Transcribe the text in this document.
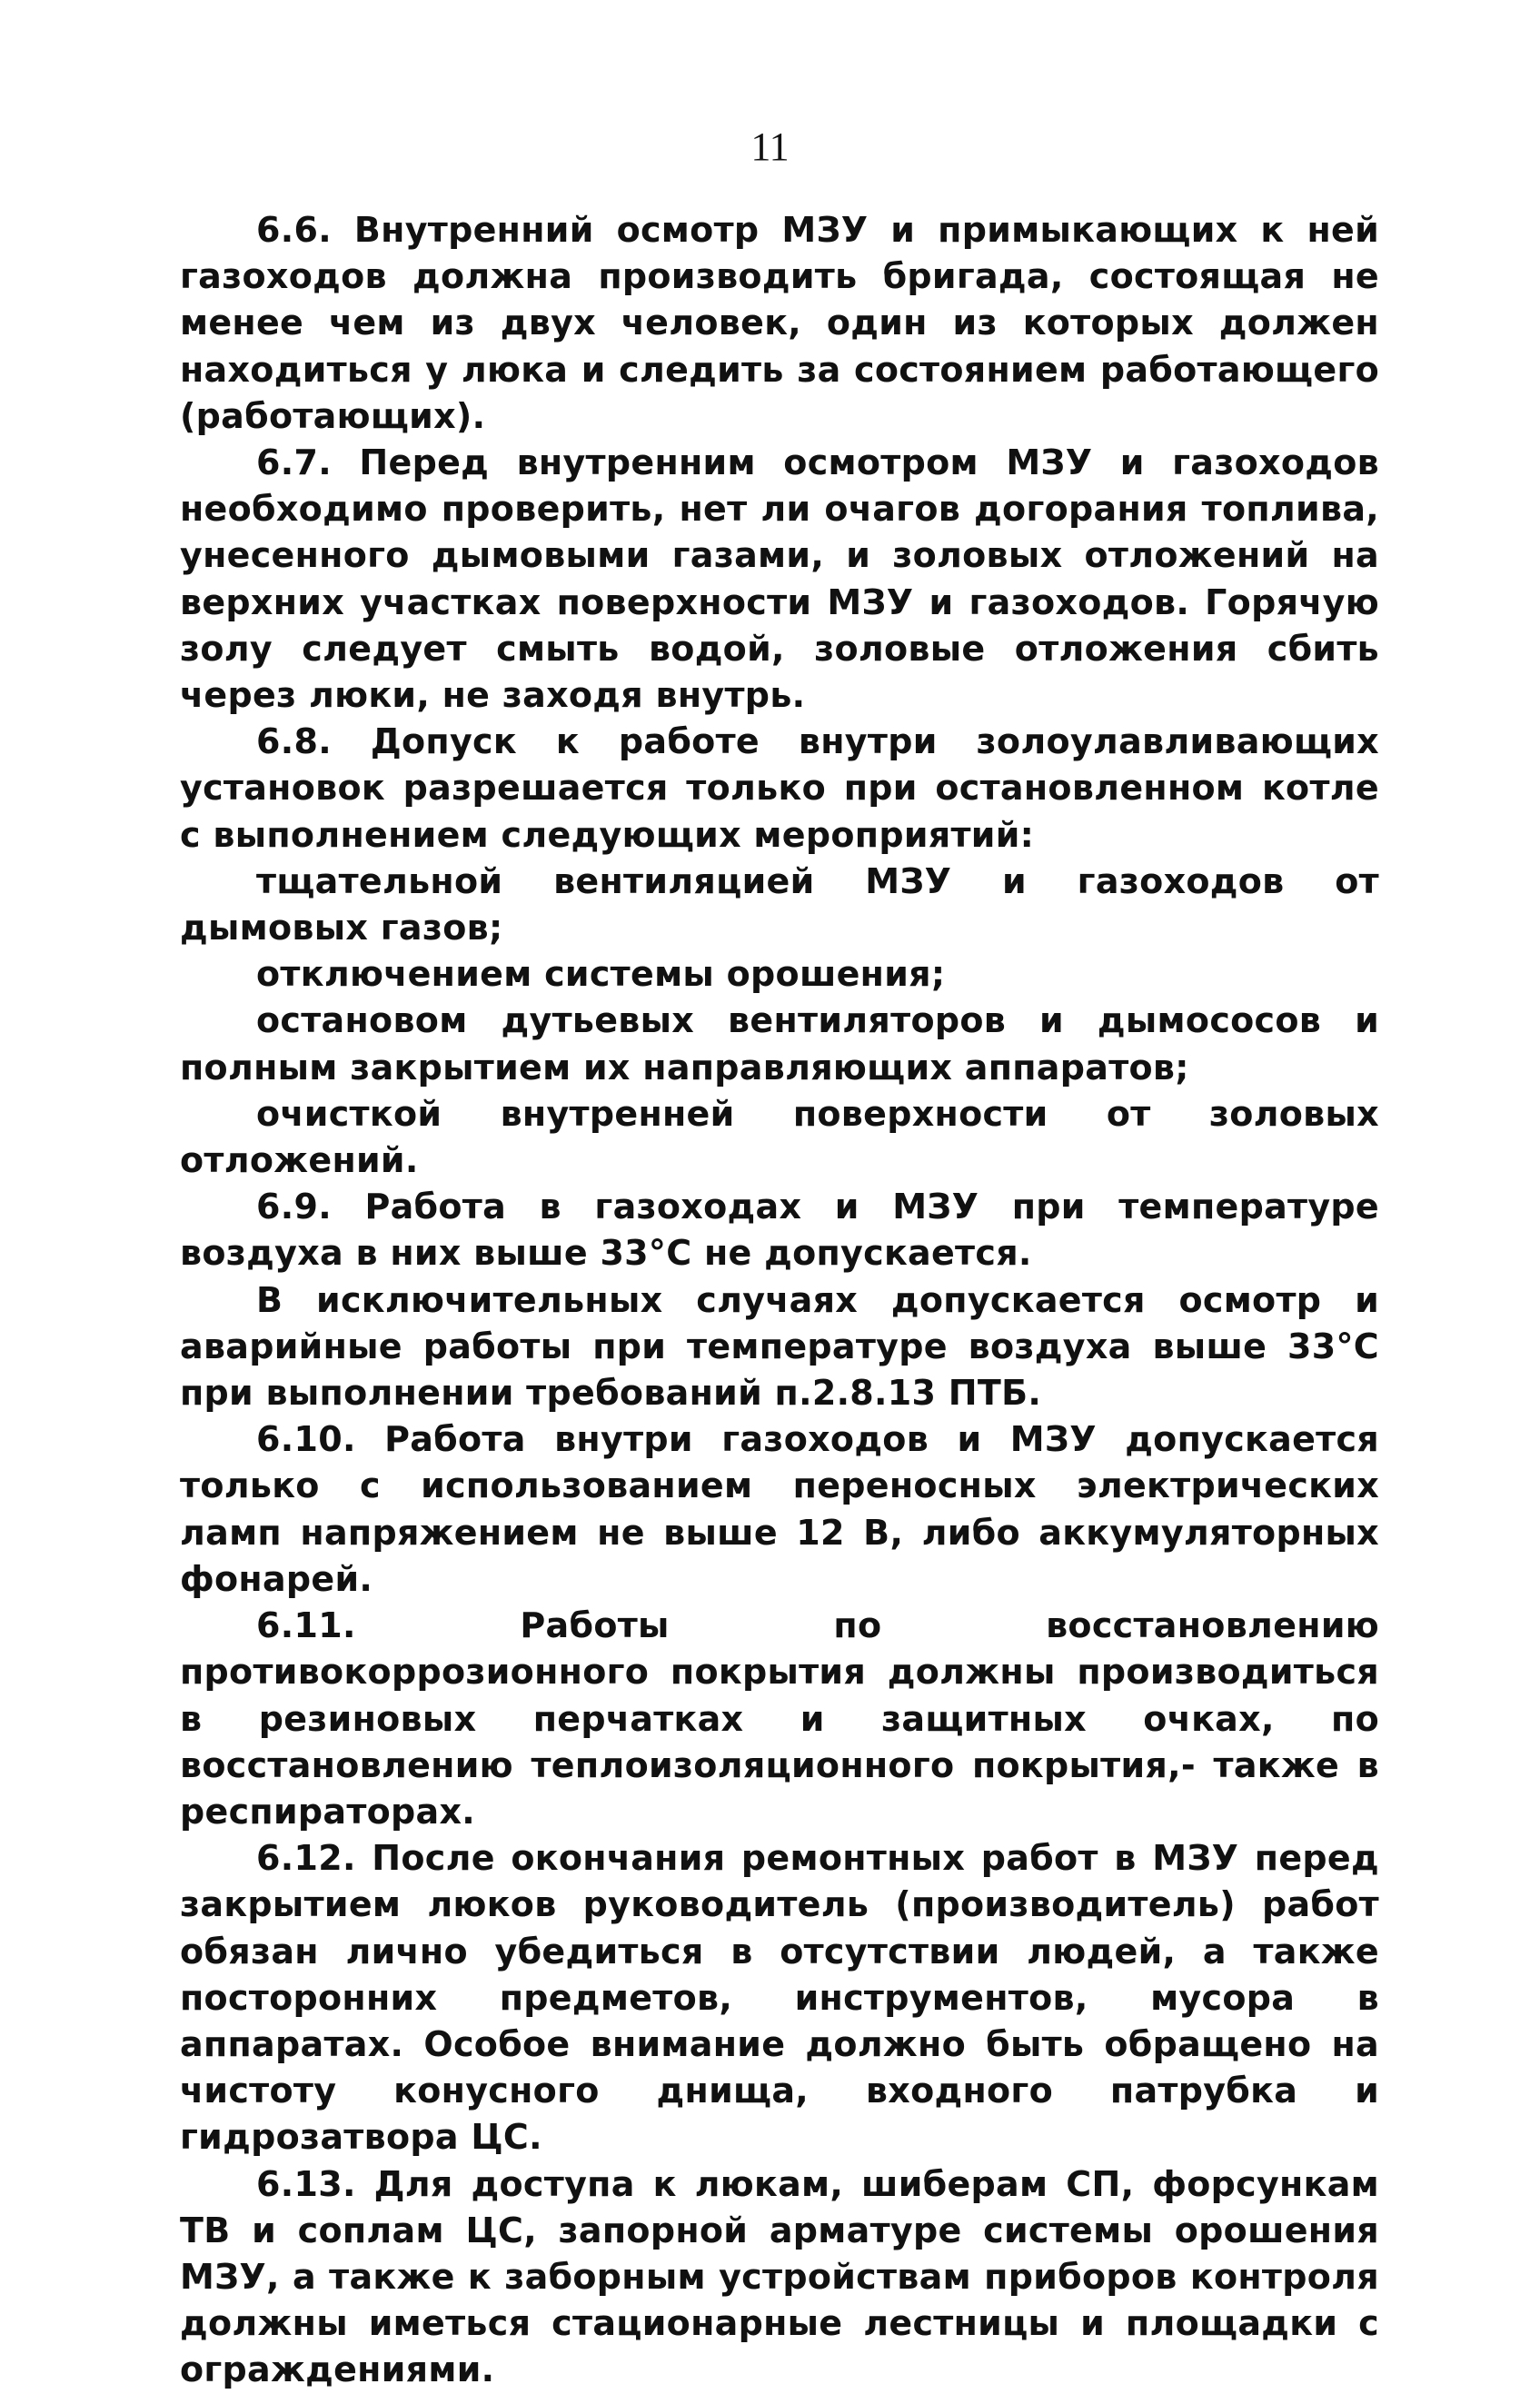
11

6.6. Внутренний осмотр МЗУ и примыкающих к ней газоходов должна производить бригада, состоящая не менее чем из двух человек, один из которых должен находиться у люка и следить за состоянием работающего (работающих).

6.7. Перед внутренним осмотром МЗУ и газоходов необходимо проверить, нет ли очагов догорания топлива, унесенного дымовыми газами, и золовых отложений на верхних участках поверхности МЗУ и газоходов. Горячую золу следует смыть водой, золовые отложения сбить через люки, не заходя внутрь.

6.8. Допуск к работе внутри золоулавливающих установок разрешается только при остановленном котле с выполнением следующих мероприятий:

тщательной вентиляцией МЗУ и газоходов от дымовых газов;

отключением системы орошения;

остановом дутьевых вентиляторов и дымососов и полным закрытием их направляющих аппаратов;

очисткой внутренней поверхности от золовых отложений.

6.9. Работа в газоходах и МЗУ при температуре воздуха в них выше 33°С не допускается.

В исключительных случаях допускается осмотр и аварийные работы при температуре воздуха выше 33°С при выполнении требований п.2.8.13 ПТБ.

6.10. Работа внутри газоходов и МЗУ допускается только с использованием переносных электрических ламп напряжением не выше 12 В, либо аккумуляторных фонарей.

6.11. Работы по восстановлению противокоррозионного покрытия должны производиться в резиновых перчатках и защитных очках, по восстановлению теплоизоляционного покрытия,- также в респираторах.

6.12. После окончания ремонтных работ в МЗУ перед закрытием люков руководитель (производитель) работ обязан лично убедиться в отсутствии людей, а также посторонних предметов, инструментов, мусора в аппаратах. Особое внимание должно быть обращено на чистоту конусного днища, входного патрубка и гидрозатвора ЦС.

6.13. Для доступа к люкам, шиберам СП, форсункам ТВ и соплам ЦС, запорной арматуре системы орошения МЗУ, а также к заборным устройствам приборов контроля должны иметься стационарные лестницы и площадки с ограждениями.
